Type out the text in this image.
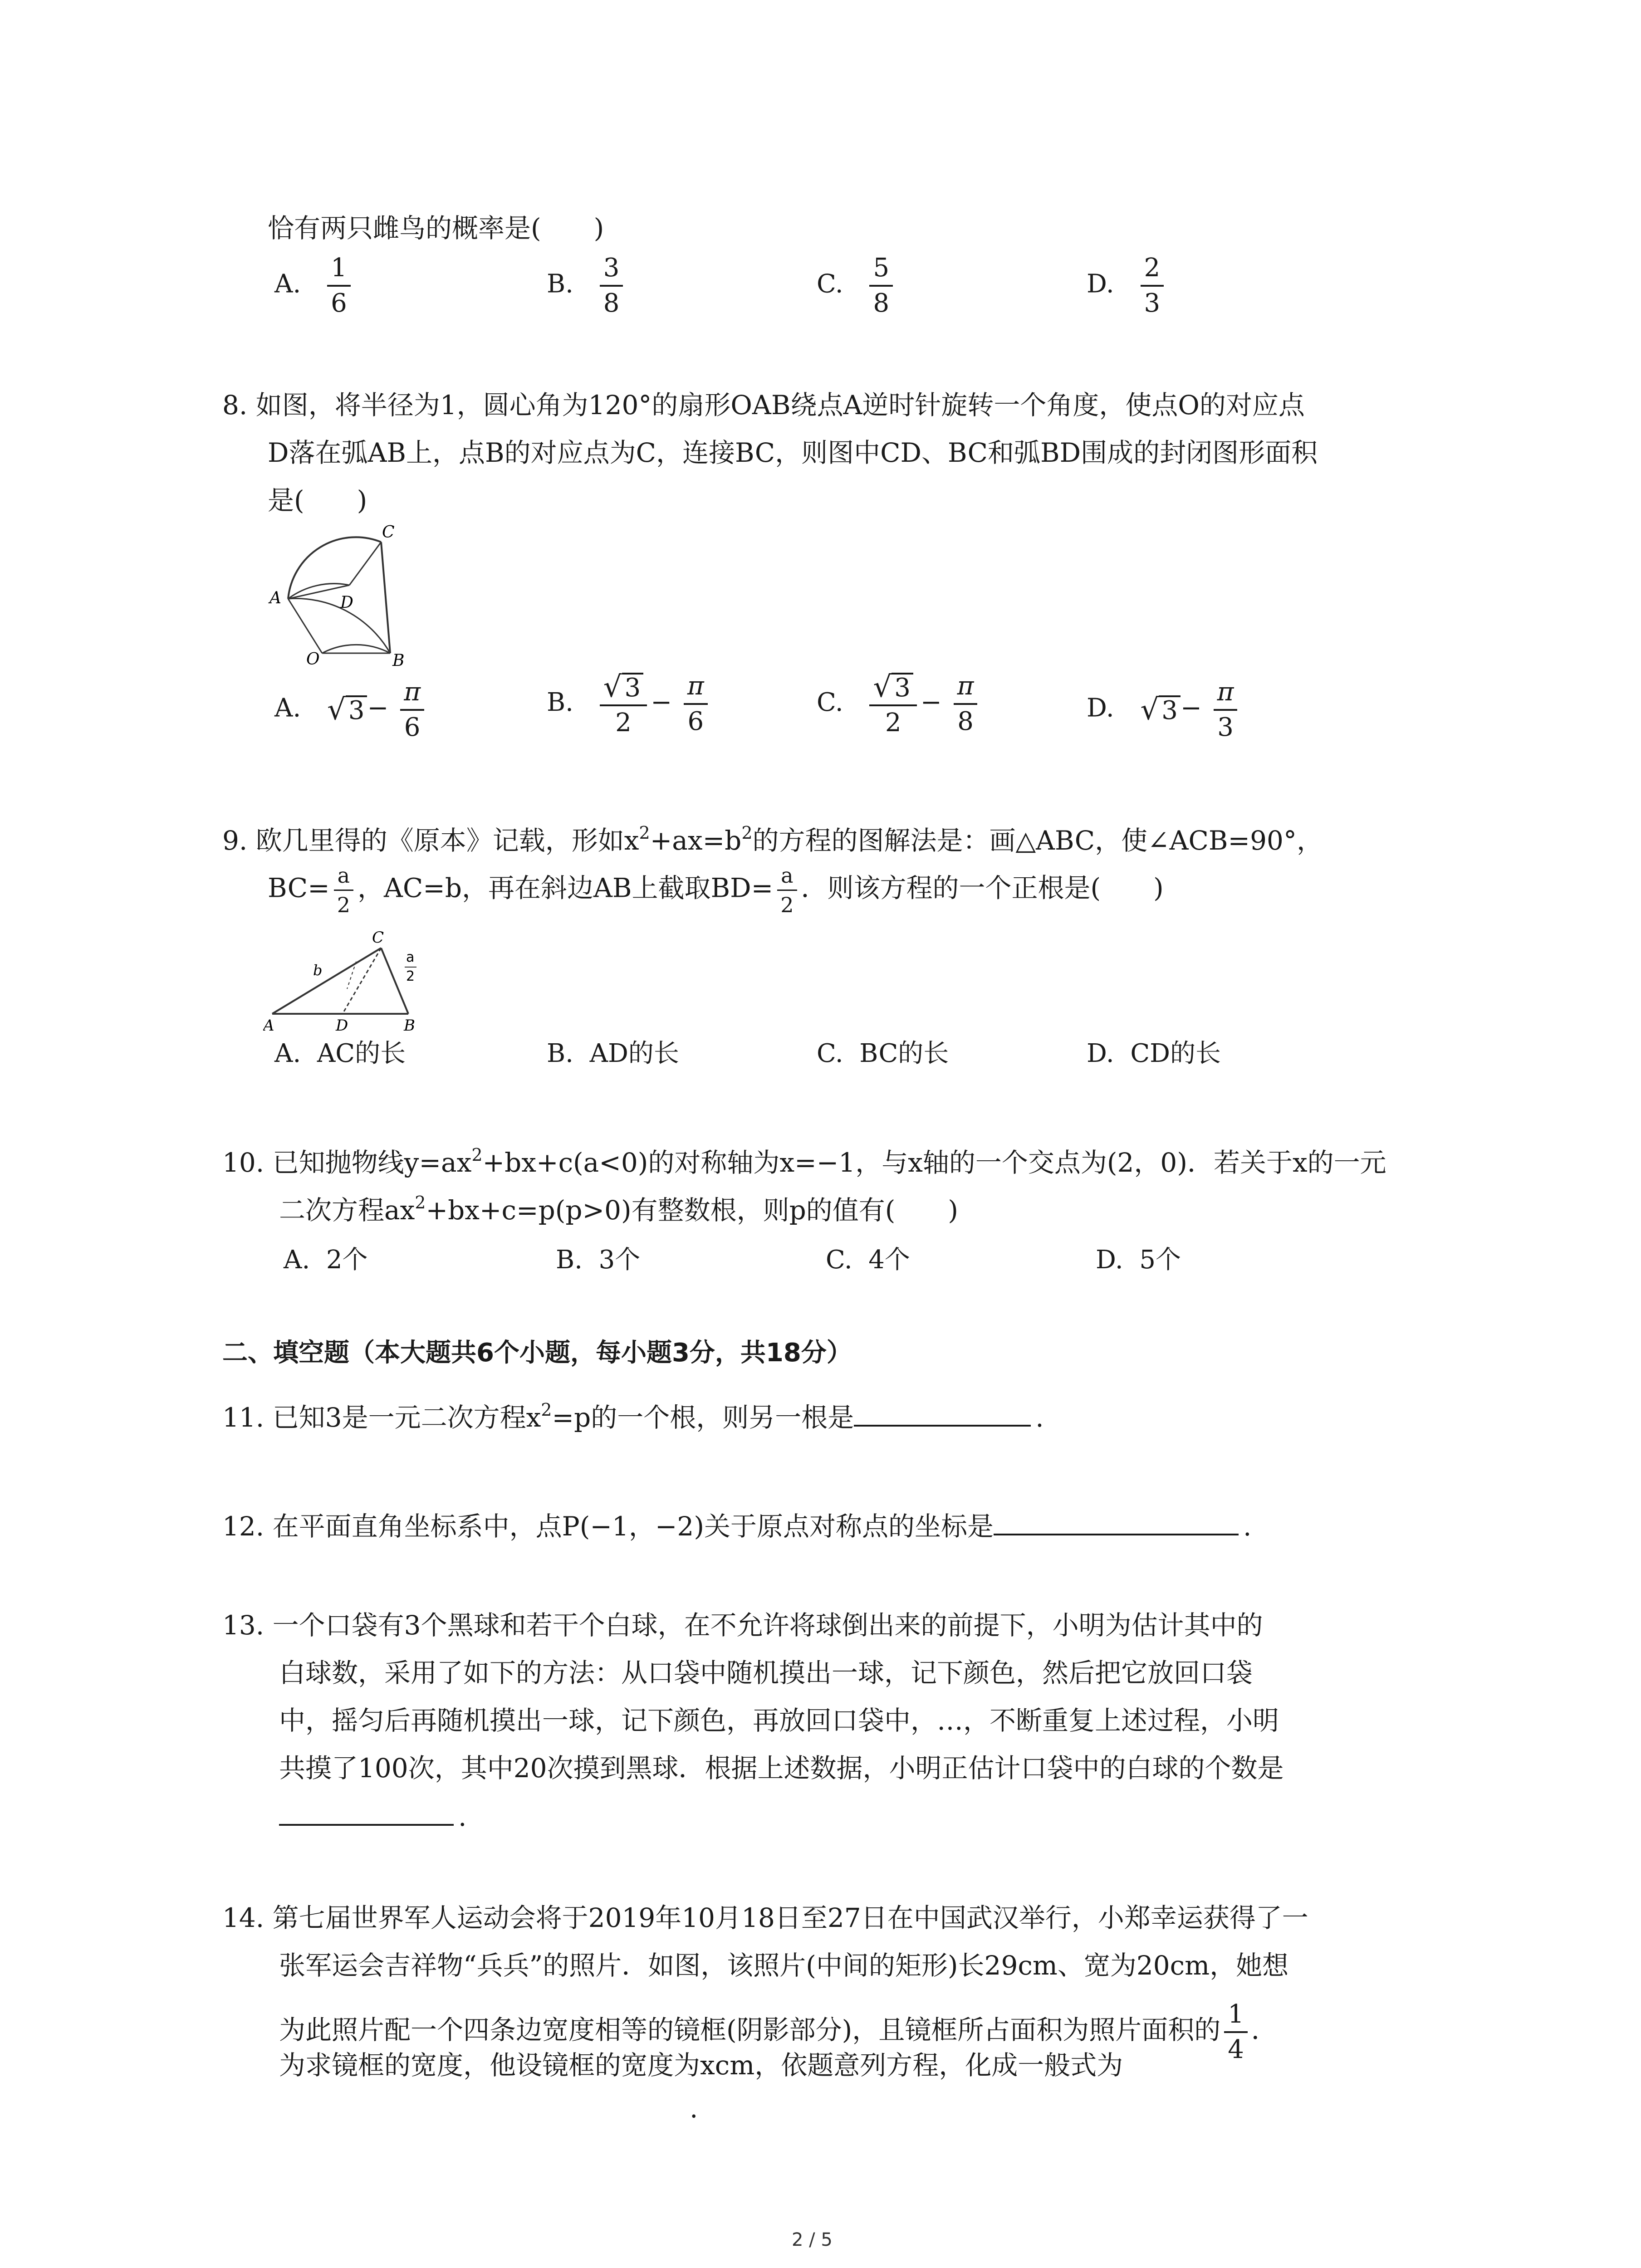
恰有两只雌鸟的概率是(  )
A. $\frac{1}{6}$	B. $\frac{3}{8}$	C. $\frac{5}{8}$	D. $\frac{2}{3}$
8. 如图，将半径为1，圆心角为120°的扇形OAB绕点A逆时针旋转一个角度，使点O的对应点
D落在弧AB上，点B的对应点为C，连接BC，则图中CD、BC和弧BD围成的封闭图形面积
是(  )
C
A	D
O	B
A. √ $3 - \frac{\pi}{6}$	B. $\frac{√ 3}{2} - \frac{\pi}{6}$	C. $\frac{√ 3}{2} - \frac{\pi}{8}$	D. √ $3 - \frac{\pi}{3}$
9. 欧几里得的《原本》记载，形如$x^2+ax=b^2$的方程的图解法是：画△ABC，使∠ACB=90°，
$BC= \frac{a}{2}$ ，AC=b，再在斜边AB上截取$BD= \frac{a}{2}$ ．则该方程的一个正根是(  )
C
b
a
2
A	D	B
A. AC的长	B. AD的长	C. BC的长	D. CD的长
10. 已知抛物线$y=ax^2+bx+c(a<0)$的对称轴为x=−1，与x轴的一个交点为(2，0)．若关于x的一元
二次方程$ax^2+bx+c=p(p>0)$有整数根，则p的值有(  )
A. 2个	B. 3个	C. 4个	D. 5个
二、填空题（本大题共6个小题，每小题3分，共18分）
11. 已知3是一元二次方程$x^2=p$的一个根，则另一根是	.
12. 在平面直角坐标系中，点P(−1，−2)关于原点对称点的坐标是	.
13. 一个口袋有3个黑球和若干个白球，在不允许将球倒出来的前提下，小明为估计其中的
白球数，采用了如下的方法：从口袋中随机摸出一球，记下颜色，然后把它放回口袋
中，摇匀后再随机摸出一球，记下颜色，再放回口袋中，…，不断重复上述过程，小明
共摸了100次，其中20次摸到黑球．根据上述数据，小明正估计口袋中的白球的个数是
.
14. 第七届世界军人运动会将于2019年10月18日至27日在中国武汉举行，小郑幸运获得了一
张军运会吉祥物“兵兵”的照片．如图，该照片(中间的矩形)长29cm、宽为20cm，她想
为此照片配一个四条边宽度相等的镜框(阴影部分)，且镜框所占面积为照片面积的 $\frac{1}{4}$ ．
为求镜框的宽度，他设镜框的宽度为xcm，依题意列方程，化成一般式为
.
2 / 5
